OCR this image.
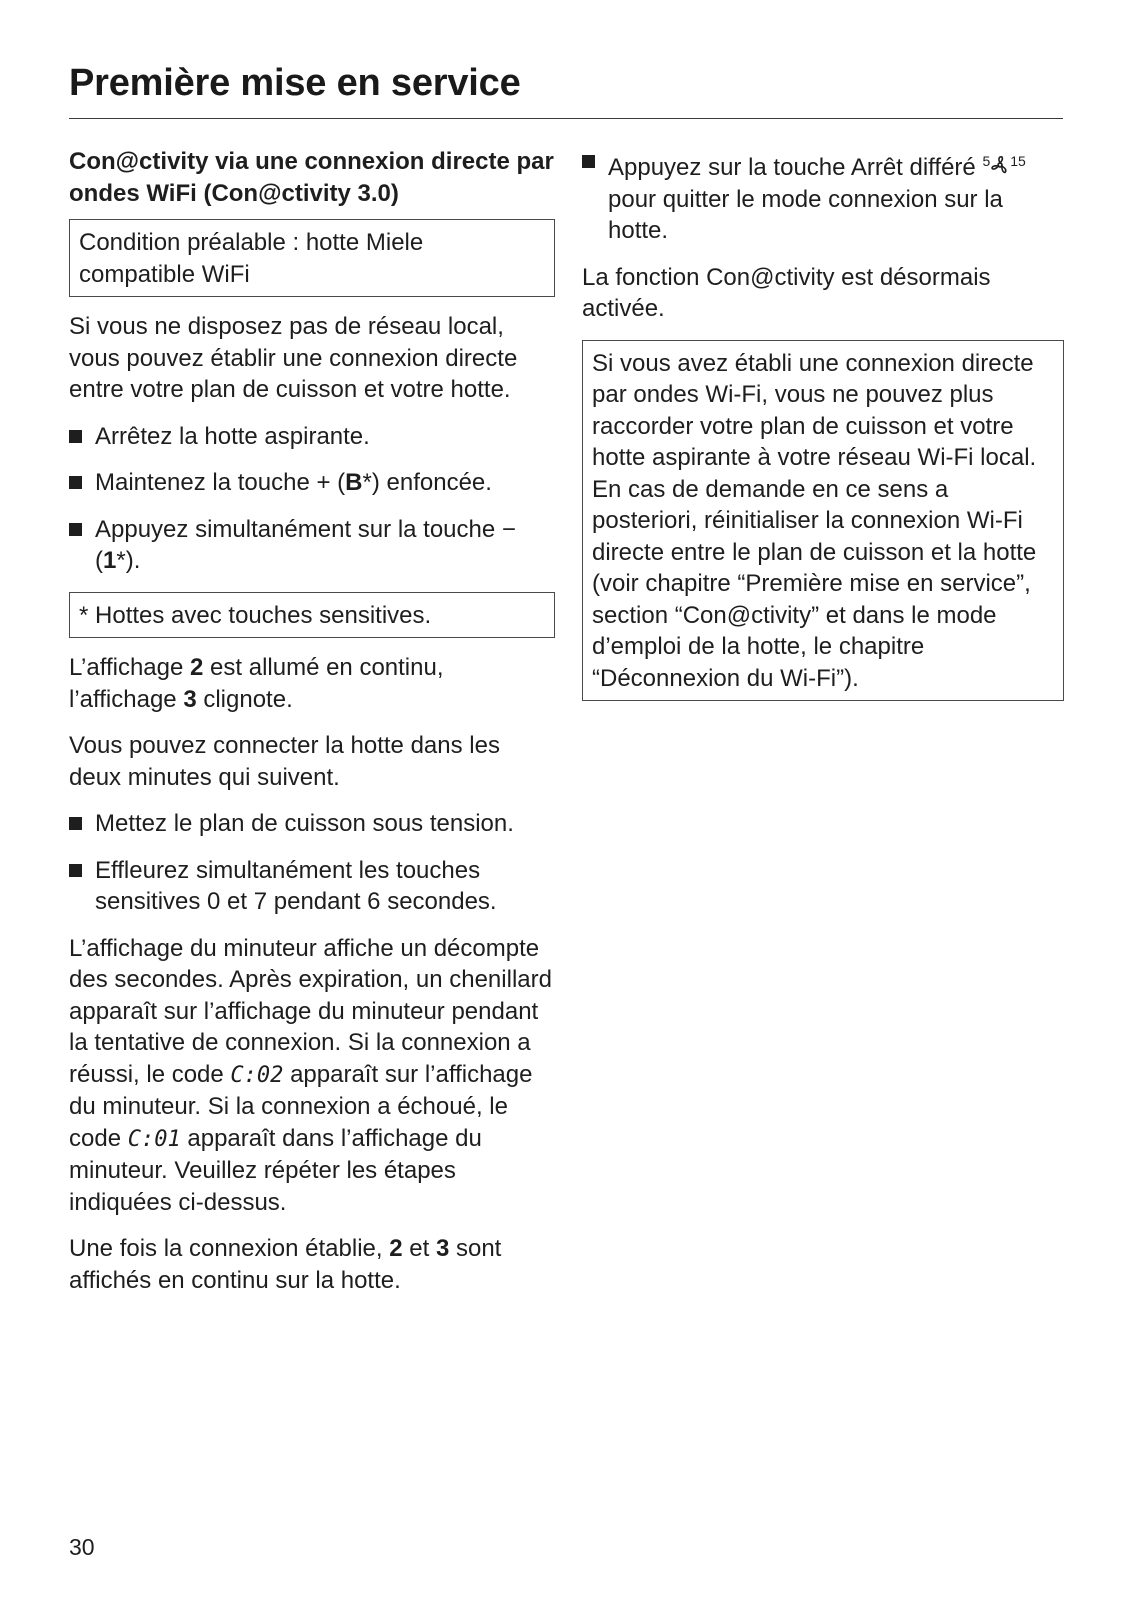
Première mise en service

Con@ctivity via une connexion directe par ondes WiFi (Con@ctivity 3.0)

Condition préalable : hotte Miele compatible WiFi

Si vous ne disposez pas de réseau local, vous pouvez établir une connexion directe entre votre plan de cuisson et votre hotte.

Arrêtez la hotte aspirante.
Maintenez la touche + (B*) enfoncée.
Appuyez simultanément sur la touche − (1*).
* Hottes avec touches sensitives.

L’affichage 2 est allumé en continu, l’affichage 3 clignote.

Vous pouvez connecter la hotte dans les deux minutes qui suivent.

Mettez le plan de cuisson sous tension.
Effleurez simultanément les touches sensitives 0 et 7 pendant 6 secondes.

L’affichage du minuteur affiche un décompte des secondes. Après expiration, un chenillard apparaît sur l’affichage du minuteur pendant la tentative de connexion. Si la connexion a réussi, le code C:02 apparaît sur l’affichage du minuteur. Si la connexion a échoué, le code C:01 apparaît dans l’affichage du minuteur. Veuillez répéter les étapes indiquées ci-dessus.

Une fois la connexion établie, 2 et 3 sont affichés en continu sur la hotte.

Appuyez sur la touche Arrêt différé $^5$ $^{15}$ pour quitter le mode connexion sur la hotte.

La fonction Con@ctivity est désormais activée.

Si vous avez établi une connexion directe par ondes Wi-Fi, vous ne pouvez plus raccorder votre plan de cuisson et votre hotte aspirante à votre réseau Wi-Fi local. En cas de demande en ce sens a posteriori, réinitialiser la connexion Wi-Fi directe entre le plan de cuisson et la hotte (voir chapitre “Première mise en service”, section “Con@ctivity” et dans le mode d’emploi de la hotte, le chapitre “Déconnexion du Wi-Fi”).
30
